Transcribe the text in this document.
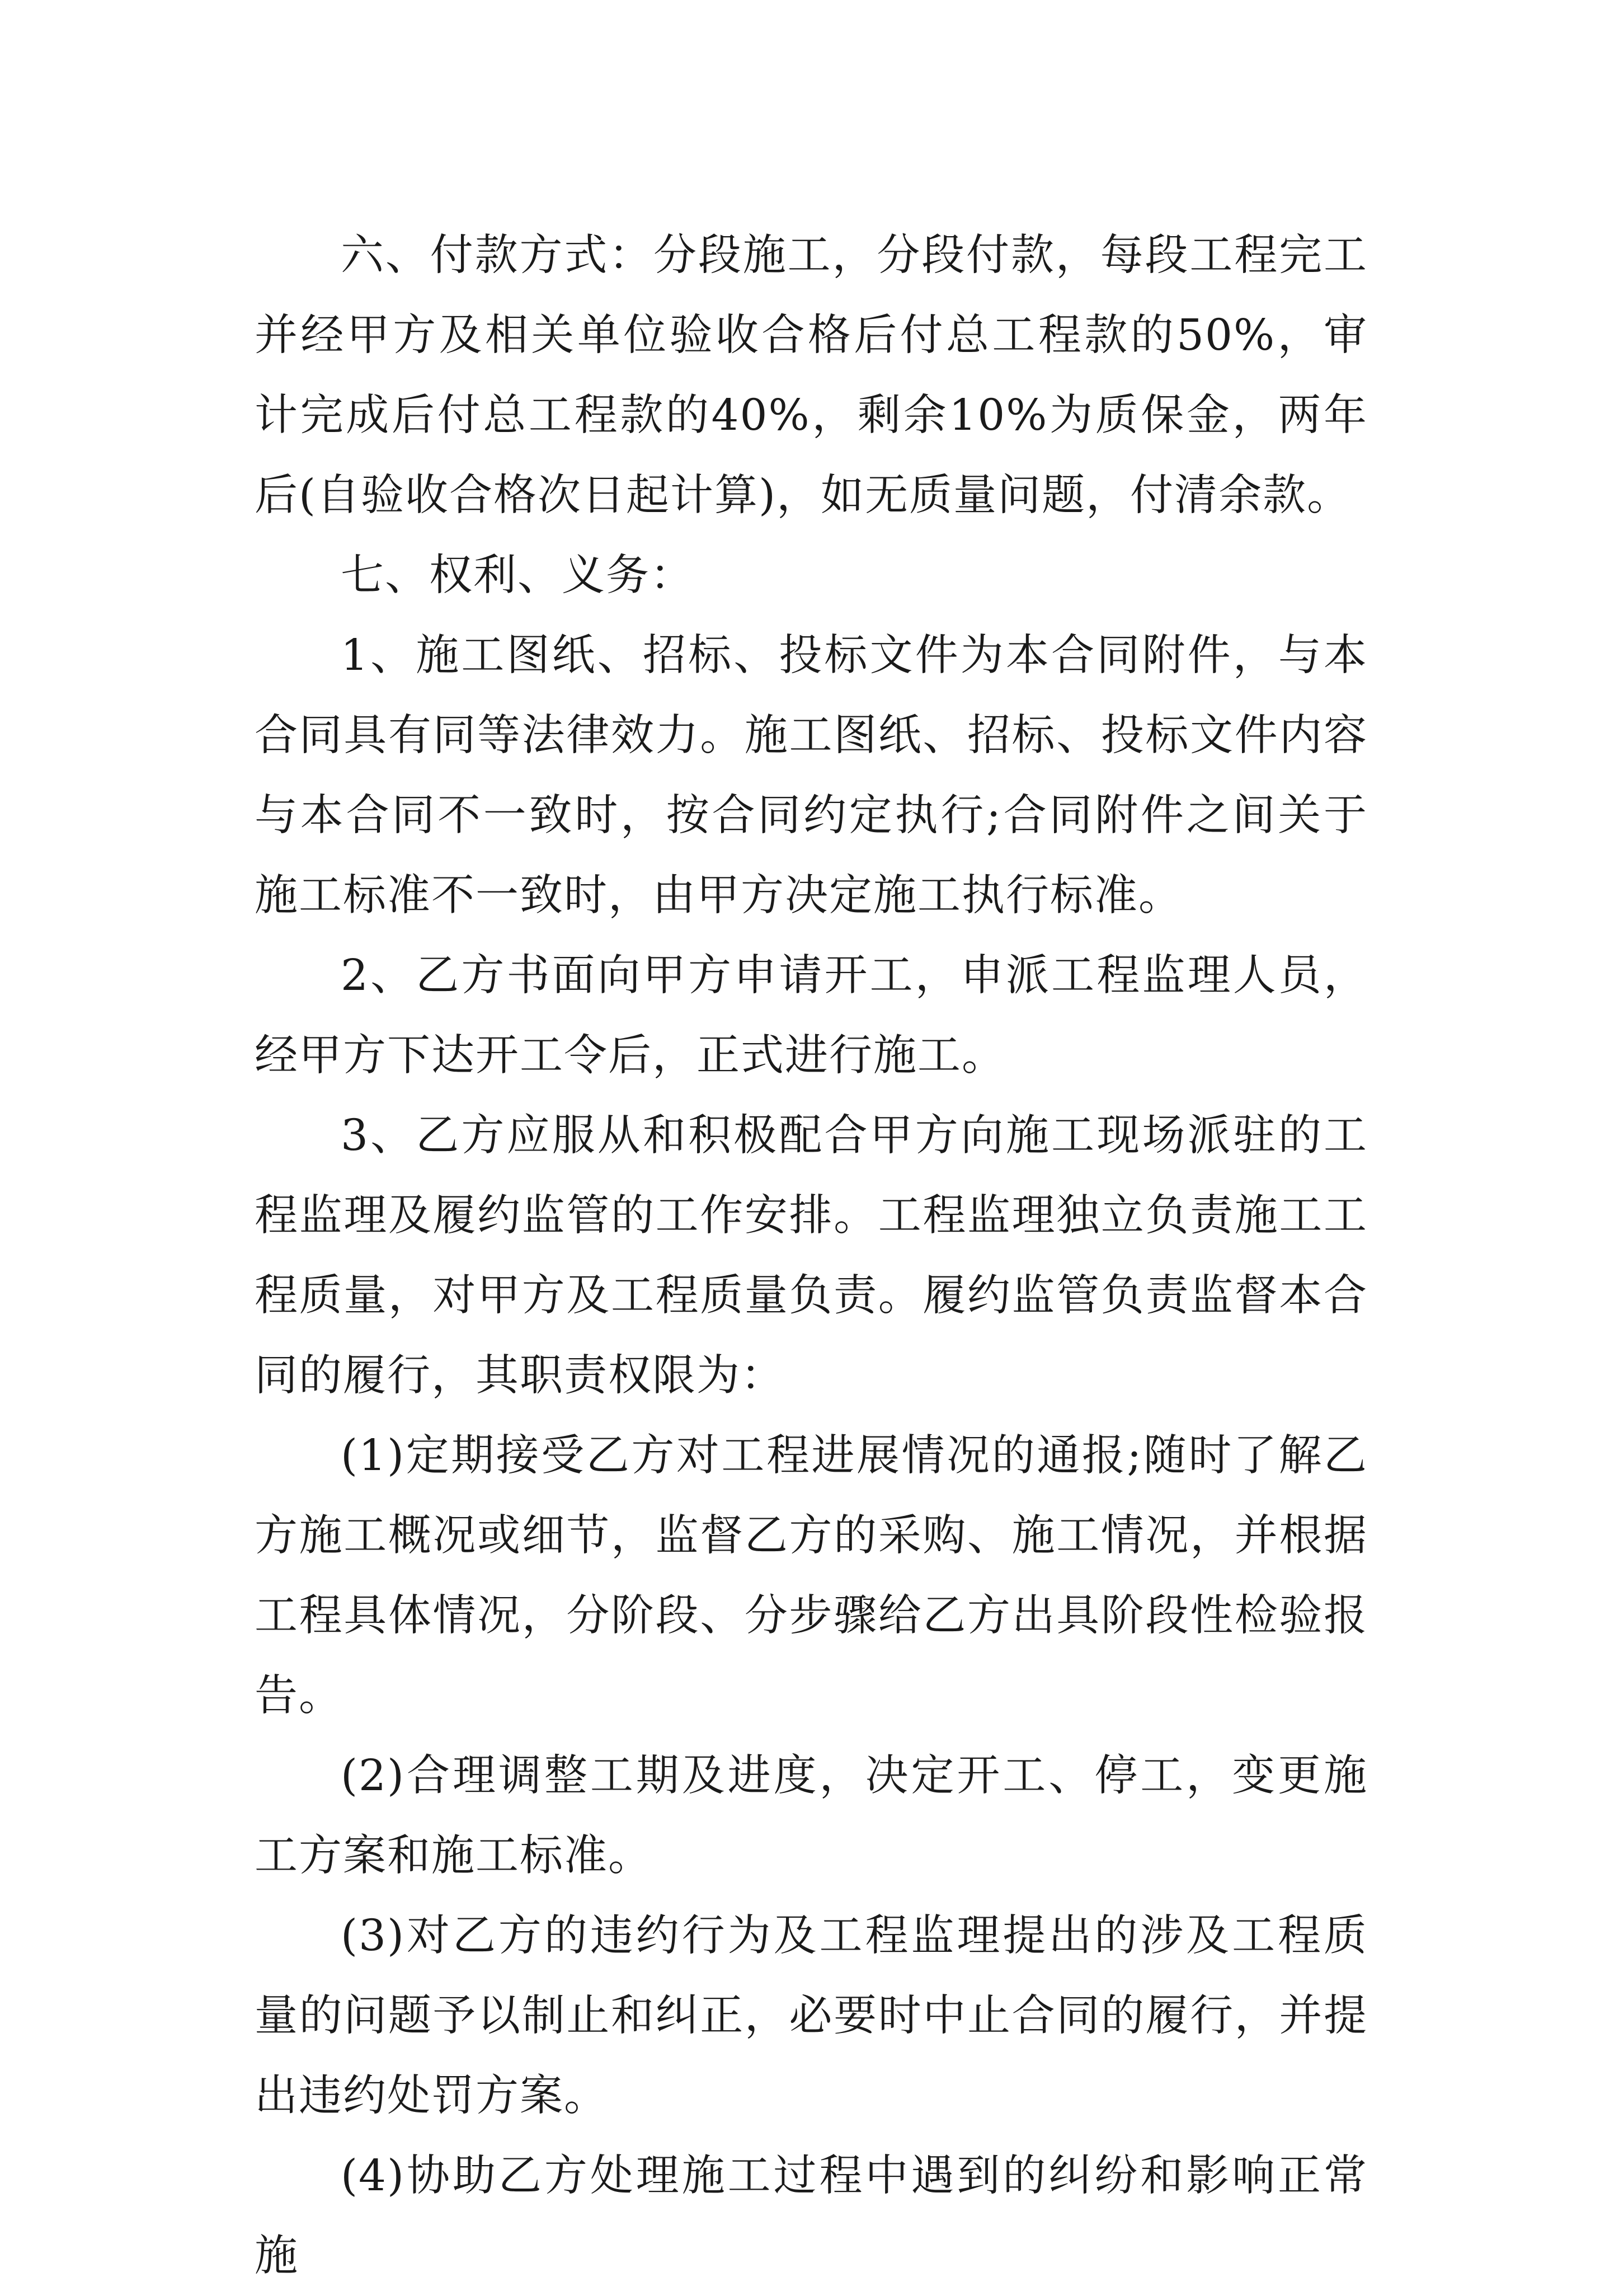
六、付款方式：分段施工，分段付款，每段工程完工并经甲方及相关单位验收合格后付总工程款的50%，审计完成后付总工程款的40%，剩余10%为质保金，两年后(自验收合格次日起计算)，如无质量问题，付清余款。

七、权利、义务：

1、施工图纸、招标、投标文件为本合同附件，与本合同具有同等法律效力。施工图纸、招标、投标文件内容与本合同不一致时，按合同约定执行;合同附件之间关于施工标准不一致时，由甲方决定施工执行标准。

2、乙方书面向甲方申请开工，申派工程监理人员，经甲方下达开工令后，正式进行施工。

3、乙方应服从和积极配合甲方向施工现场派驻的工程监理及履约监管的工作安排。工程监理独立负责施工工程质量，对甲方及工程质量负责。履约监管负责监督本合同的履行，其职责权限为：

(1)定期接受乙方对工程进展情况的通报;随时了解乙方施工概况或细节，监督乙方的采购、施工情况，并根据工程具体情况，分阶段、分步骤给乙方出具阶段性检验报告。

(2)合理调整工期及进度，决定开工、停工，变更施工方案和施工标准。

(3)对乙方的违约行为及工程监理提出的涉及工程质量的问题予以制止和纠正，必要时中止合同的履行，并提出违约处罚方案。

(4)协助乙方处理施工过程中遇到的纠纷和影响正常施
